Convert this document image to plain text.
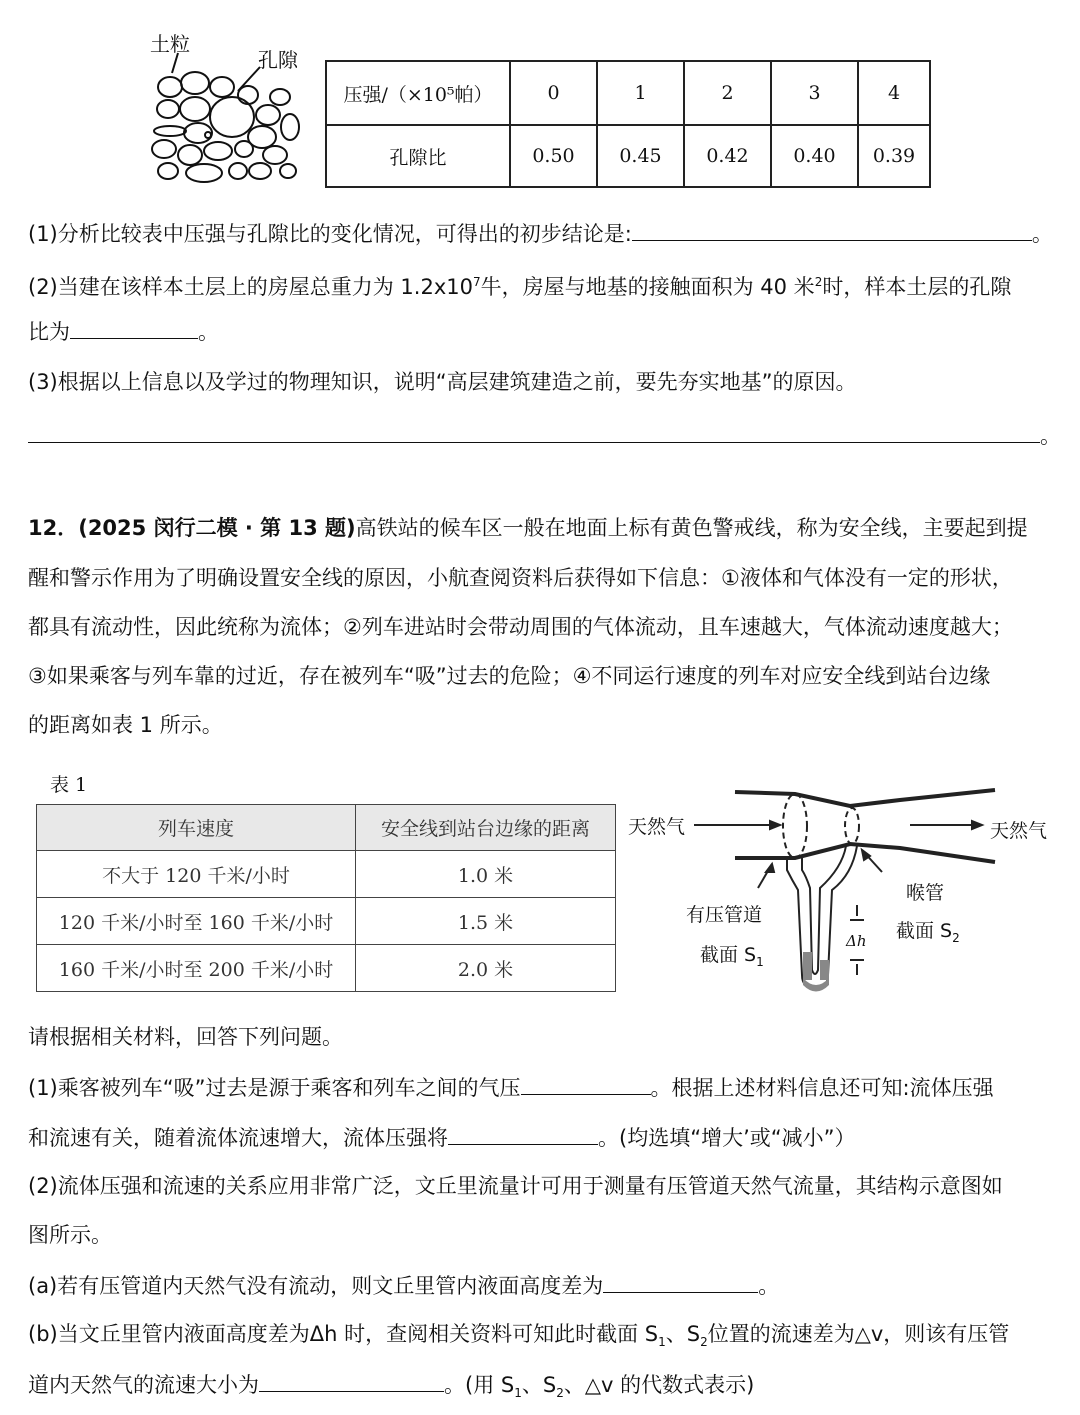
土粒
孔隙
压强/（×10⁵帕）	0	1	2	3	4
孔隙比	0.50	0.45	0.42	0.40	0.39
(1)分析比较表中压强与孔隙比的变化情况，可得出的初步结论是:	。
(2)当建在该样本土层上的房屋总重力为 $1.2x10^7$牛，房屋与地基的接触面积为 40 米$^2$时，样本土层的孔隙
比为	。
(3)根据以上信息以及学过的物理知识，说明“高层建筑建造之前，要先夯实地基”的原因。
。
12．(2025 闵行二模 · 第 13 题)高铁站的候车区一般在地面上标有黄色警戒线，称为安全线，主要起到提
醒和警示作用为了明确设置安全线的原因，小航查阅资料后获得如下信息：①液体和气体没有一定的形状，
都具有流动性，因此统称为流体；②列车进站时会带动周围的气体流动，且车速越大，气体流动速度越大；
③如果乘客与列车靠的过近，存在被列车“吸”过去的危险；④不同运行速度的列车对应安全线到站台边缘
的距离如表 1 所示。
表 1
列车速度	安全线到站台边缘的距离
不大于 120 千米/小时	1.0 米
120 千米/小时至 160 千米/小时	1.5 米
160 千米/小时至 200 千米/小时	2.0 米
天然气	天然气
有压管道
截面 $S_1$
喉管
截面 $S_2$
Δh
请根据相关材料，回答下列问题。
(1)乘客被列车“吸”过去是源于乘客和列车之间的气压	。根据上述材料信息还可知:流体压强
和流速有关，随着流体流速增大，流体压强将	。(均选填“增大’或“减小”）
(2)流体压强和流速的关系应用非常广泛，文丘里流量计可用于测量有压管道天然气流量，其结构示意图如
图所示。
(a)若有压管道内天然气没有流动，则文丘里管内液面高度差为	。
(b)当文丘里管内液面高度差为Δh 时，查阅相关资料可知此时截面 $S_1$、$S_2$位置的流速差为△v，则该有压管
道内天然气的流速大小为	。(用 $S_1$、$S_2$、△v 的代数式表示)
